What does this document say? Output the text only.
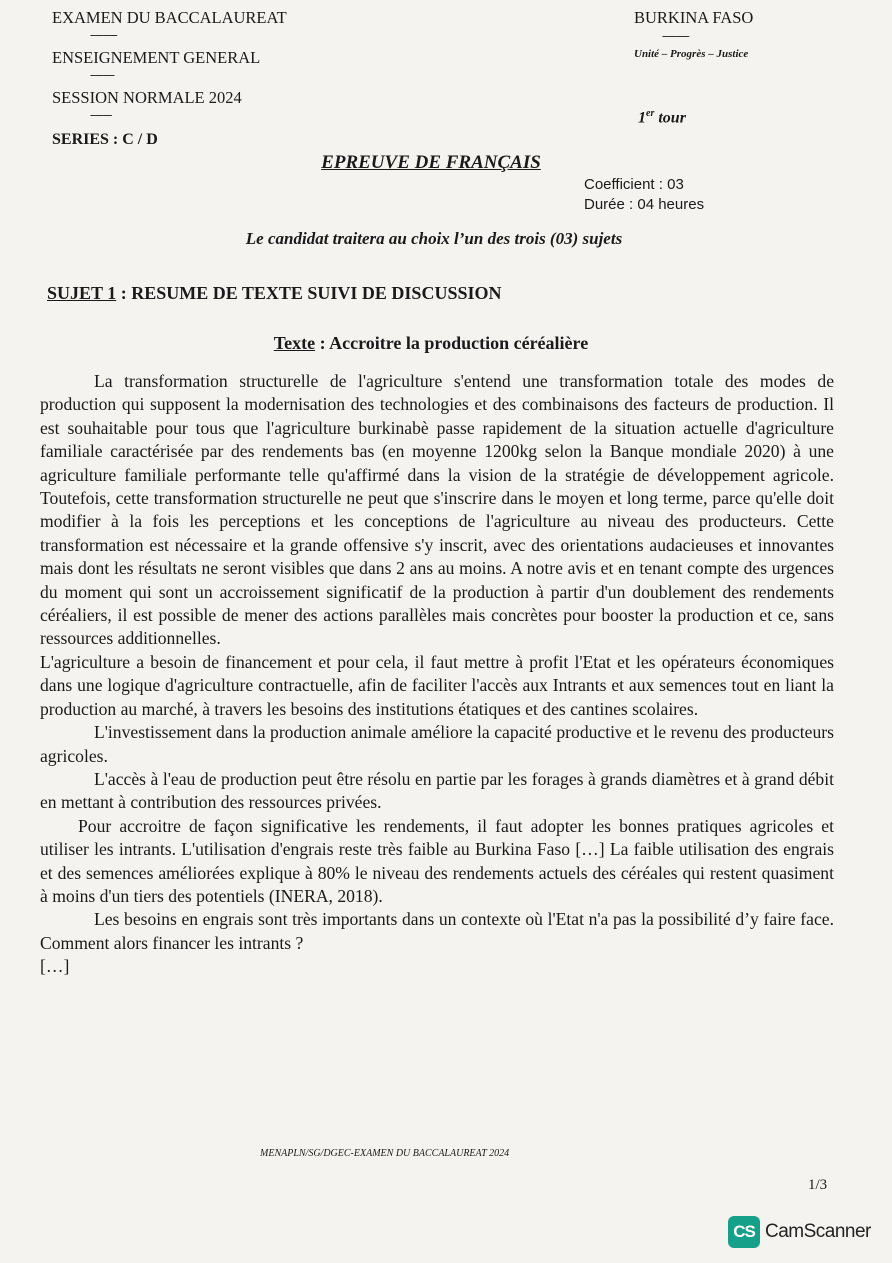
EXAMEN DU BACCALAUREAT
----------
ENSEIGNEMENT GENERAL
---------
SESSION NORMALE 2024
--------
SERIES : C / D
BURKINA FASO
----------
Unité – Progrès – Justice
1er tour
EPREUVE DE FRANÇAIS
Coefficient : 03
Durée : 04 heures
Le candidat traitera au choix l’un des trois (03) sujets
SUJET 1 : RESUME DE TEXTE SUIVI DE DISCUSSION
Texte : Accroitre la production céréalière

La transformation structurelle de l'agriculture s'entend une transformation totale des modes de production qui supposent la modernisation des technologies et des combinaisons des facteurs de production. Il est souhaitable pour tous que l'agriculture burkinabè passe rapidement de la situation actuelle d'agriculture familiale caractérisée par des rendements bas (en moyenne 1200kg selon la Banque mondiale 2020) à une agriculture familiale performante telle qu'affirmé dans la vision de la stratégie de développement agricole. Toutefois, cette transformation structurelle ne peut que s'inscrire dans le moyen et long terme, parce qu'elle doit modifier à la fois les perceptions et les conceptions de l'agriculture au niveau des producteurs. Cette transformation est nécessaire et la grande offensive s'y inscrit, avec des orientations audacieuses et innovantes mais dont les résultats ne seront visibles que dans 2 ans au moins. A notre avis et en tenant compte des urgences du moment qui sont un accroissement significatif de la production à partir d'un doublement des rendements céréaliers, il est possible de mener des actions parallèles mais concrètes pour booster la production et ce, sans ressources additionnelles.

L'agriculture a besoin de financement et pour cela, il faut mettre à profit l'Etat et les opérateurs économiques dans une logique d'agriculture contractuelle, afin de faciliter l'accès aux Intrants et aux semences tout en liant la production au marché, à travers les besoins des institutions étatiques et des cantines scolaires.

L'investissement dans la production animale améliore la capacité productive et le revenu des producteurs agricoles.

L'accès à l'eau de production peut être résolu en partie par les forages à grands diamètres et à grand débit en mettant à contribution des ressources privées.

Pour accroitre de façon significative les rendements, il faut adopter les bonnes pratiques agricoles et utiliser les intrants. L'utilisation d'engrais reste très faible au Burkina Faso […] La faible utilisation des engrais et des semences améliorées explique à 80% le niveau des rendements actuels des céréales qui restent quasiment à moins d'un tiers des potentiels (INERA, 2018).

Les besoins en engrais sont très importants dans un contexte où l'Etat n'a pas la possibilité d’y faire face. Comment alors financer les intrants ?

[…]

MENAPLN/SG/DGEC-EXAMEN DU BACCALAUREAT 2024
1/3
CS CamScanner
